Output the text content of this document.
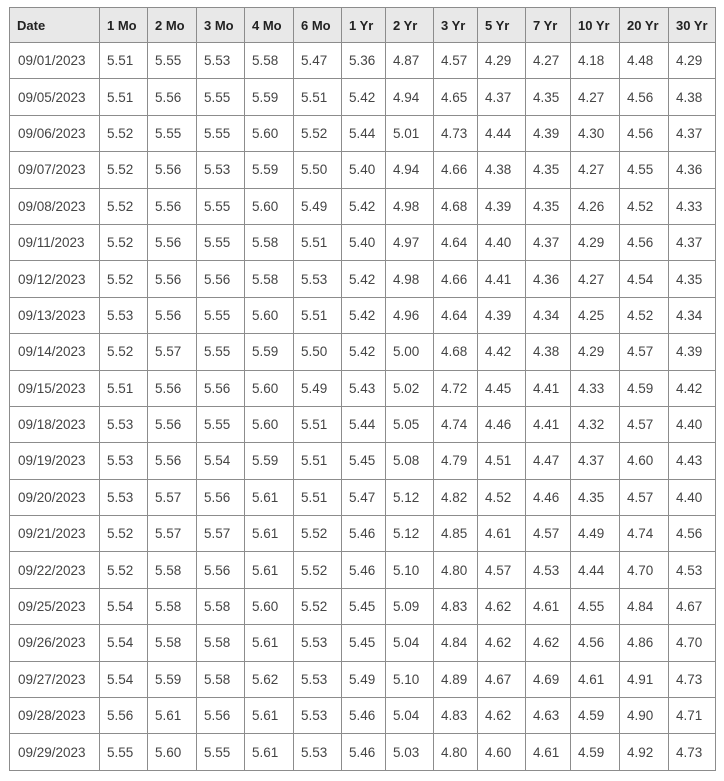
Date	1 Mo	2 Mo	3 Mo	4 Mo	6 Mo	1 Yr	2 Yr	3 Yr	5 Yr	7 Yr	10 Yr	20 Yr	30 Yr
09/01/2023	5.51	5.55	5.53	5.58	5.47	5.36	4.87	4.57	4.29	4.27	4.18	4.48	4.29
09/05/2023	5.51	5.56	5.55	5.59	5.51	5.42	4.94	4.65	4.37	4.35	4.27	4.56	4.38
09/06/2023	5.52	5.55	5.55	5.60	5.52	5.44	5.01	4.73	4.44	4.39	4.30	4.56	4.37
09/07/2023	5.52	5.56	5.53	5.59	5.50	5.40	4.94	4.66	4.38	4.35	4.27	4.55	4.36
09/08/2023	5.52	5.56	5.55	5.60	5.49	5.42	4.98	4.68	4.39	4.35	4.26	4.52	4.33
09/11/2023	5.52	5.56	5.55	5.58	5.51	5.40	4.97	4.64	4.40	4.37	4.29	4.56	4.37
09/12/2023	5.52	5.56	5.56	5.58	5.53	5.42	4.98	4.66	4.41	4.36	4.27	4.54	4.35
09/13/2023	5.53	5.56	5.55	5.60	5.51	5.42	4.96	4.64	4.39	4.34	4.25	4.52	4.34
09/14/2023	5.52	5.57	5.55	5.59	5.50	5.42	5.00	4.68	4.42	4.38	4.29	4.57	4.39
09/15/2023	5.51	5.56	5.56	5.60	5.49	5.43	5.02	4.72	4.45	4.41	4.33	4.59	4.42
09/18/2023	5.53	5.56	5.55	5.60	5.51	5.44	5.05	4.74	4.46	4.41	4.32	4.57	4.40
09/19/2023	5.53	5.56	5.54	5.59	5.51	5.45	5.08	4.79	4.51	4.47	4.37	4.60	4.43
09/20/2023	5.53	5.57	5.56	5.61	5.51	5.47	5.12	4.82	4.52	4.46	4.35	4.57	4.40
09/21/2023	5.52	5.57	5.57	5.61	5.52	5.46	5.12	4.85	4.61	4.57	4.49	4.74	4.56
09/22/2023	5.52	5.58	5.56	5.61	5.52	5.46	5.10	4.80	4.57	4.53	4.44	4.70	4.53
09/25/2023	5.54	5.58	5.58	5.60	5.52	5.45	5.09	4.83	4.62	4.61	4.55	4.84	4.67
09/26/2023	5.54	5.58	5.58	5.61	5.53	5.45	5.04	4.84	4.62	4.62	4.56	4.86	4.70
09/27/2023	5.54	5.59	5.58	5.62	5.53	5.49	5.10	4.89	4.67	4.69	4.61	4.91	4.73
09/28/2023	5.56	5.61	5.56	5.61	5.53	5.46	5.04	4.83	4.62	4.63	4.59	4.90	4.71
09/29/2023	5.55	5.60	5.55	5.61	5.53	5.46	5.03	4.80	4.60	4.61	4.59	4.92	4.73
